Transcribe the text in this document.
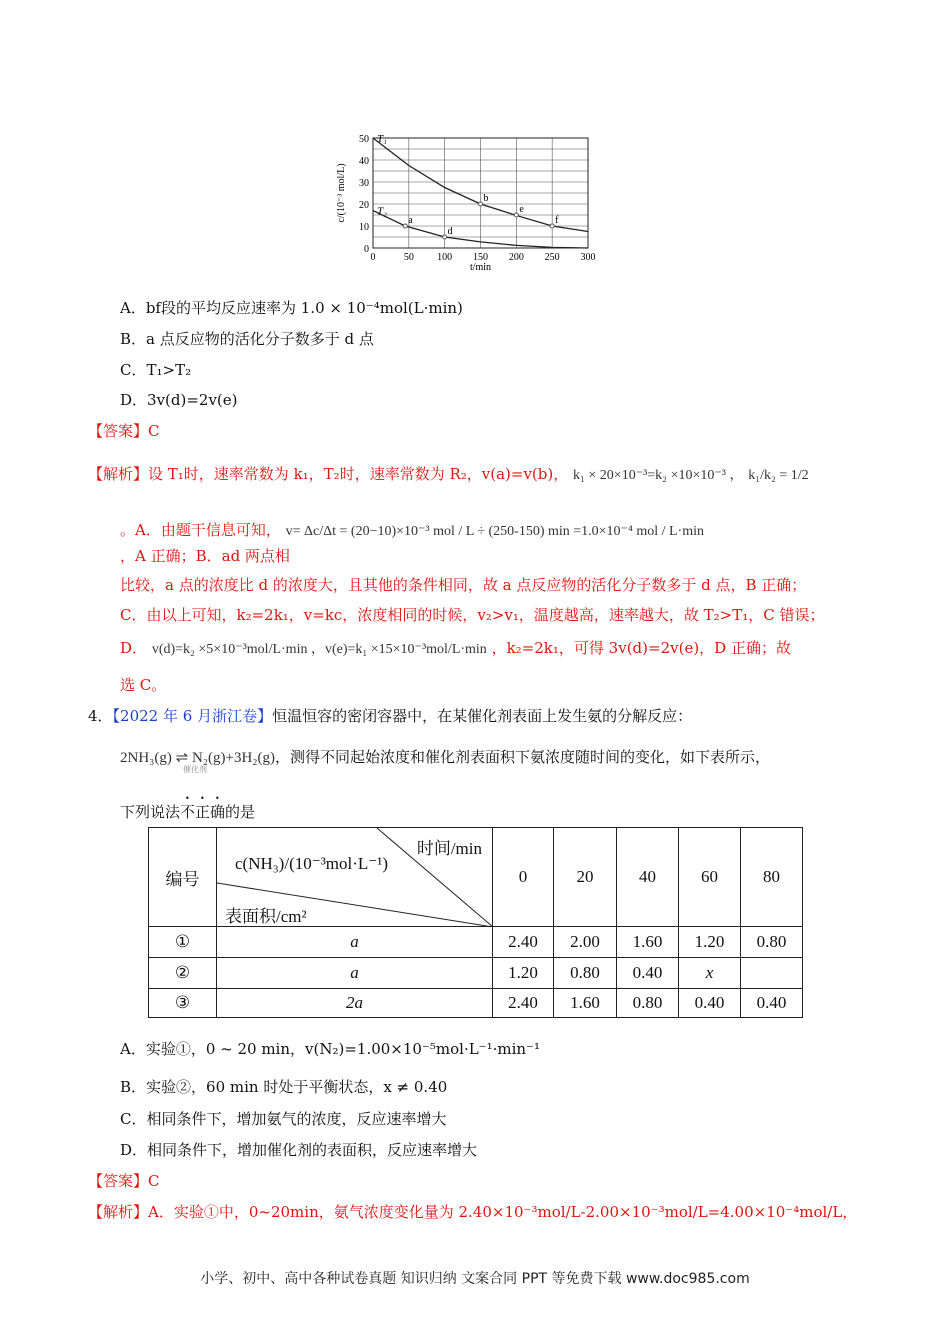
0	50 100 150 200 250 300
0
10
20
30
40
50
t/min
c/(10⁻³ mol/L)
T₁
T₂
a
b
e
f
d
A．bf段的平均反应速率为 1.0 × 10⁻⁴mol(L·min)
B．a 点反应物的活化分子数多于 d 点
C．T₁>T₂
D．3v(d)=2v(e)
【答案】C
【解析】设 T₁时，速率常数为 k₁，T₂时，速率常数为 R₂，v(a)=v(b)， k₁ × 20×10⁻³=k₂ ×10×10⁻³ ， k₁/k₂ = 1/2
。A．由题干信息可知， v= Δc/Δt = (20−10)×10⁻³ mol / L ÷ (250-150) min =1.0×10⁻⁴ mol / L·min ，A 正确；B．ad 两点相
比较，a 点的浓度比 d 的浓度大，且其他的条件相同，故 a 点反应物的活化分子数多于 d 点，B 正确；
C．由以上可知，k₂=2k₁，v=kc，浓度相同的时候，v₂>v₁，温度越高，速率越大，故 T₂>T₁，C 错误；
D． v(d)=k₂ ×5×10⁻³mol/L·min ，v(e)=k₁ ×15×10⁻³mol/L·min ，k₂=2k₁，可得 3v(d)=2v(e)，D 正确；故
选 C。
4．【2022 年 6 月浙江卷】恒温恒容的密闭容器中，在某催化剂表面上发生氨的分解反应：
2NH₃(g) ⇌ N₂(g)+3H₂(g)，测得不同起始浓度和催化剂表面积下氨浓度随时间的变化，如下表所示，
催化剂
下列说法不正确的是
编号	时间/min
c(NH₃)/(10⁻³mol·L⁻¹)
表面积/cm²	0	20	40	60	80
①	a	2.40	2.00	1.60	1.20	0.80
②	a	1.20	0.80	0.40	x	
③	2a	2.40	1.60	0.80	0.40	0.40
A．实验①，0 ~ 20 min，v(N₂)=1.00×10⁻⁵mol·L⁻¹·min⁻¹
B．实验②，60 min 时处于平衡状态，x ≠ 0.40
C．相同条件下，增加氨气的浓度，反应速率增大
D．相同条件下，增加催化剂的表面积，反应速率增大
【答案】C
【解析】A．实验①中，0~20min，氨气浓度变化量为 2.40×10⁻³mol/L-2.00×10⁻³mol/L=4.00×10⁻⁴mol/L，
小学、初中、高中各种试卷真题 知识归纳 文案合同 PPT 等免费下载 www.doc985.com
